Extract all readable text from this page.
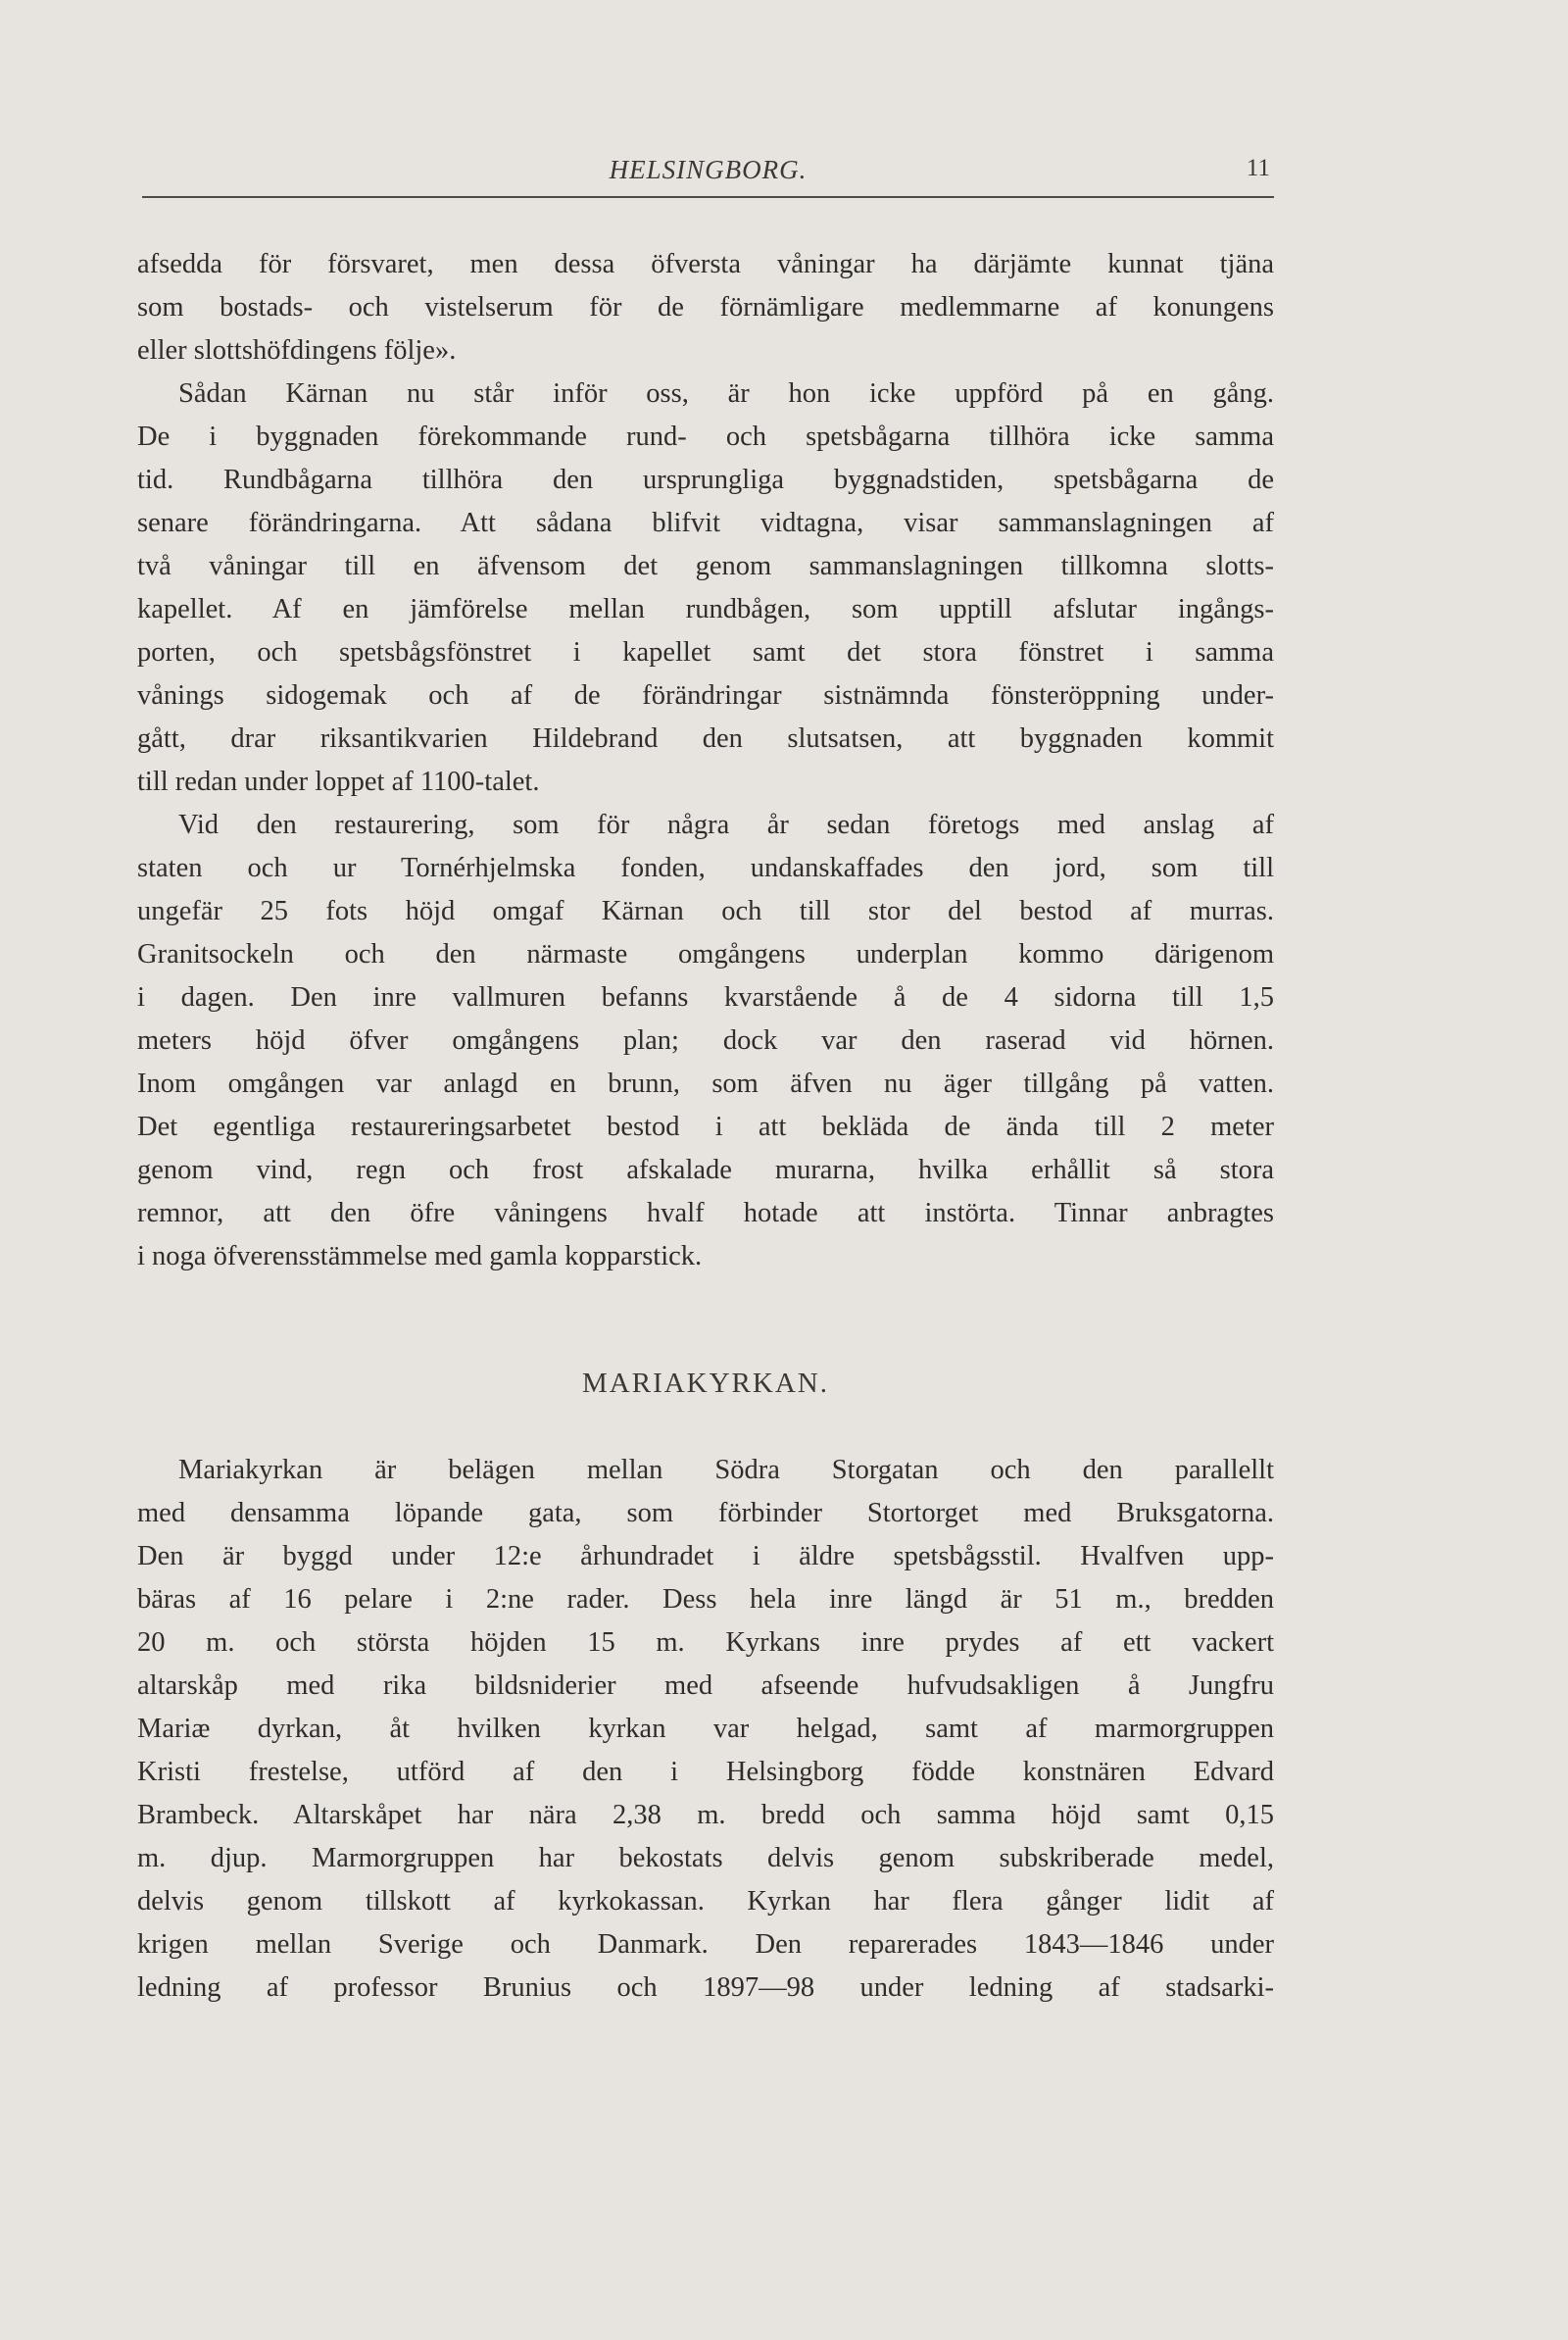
HELSINGBORG.	11
afsedda för försvaret, men dessa öfversta våningar ha därjämte kunnat tjäna
som bostads- och vistelserum för de förnämligare medlemmarne af konungens
eller slottshöfdingens följe».
Sådan Kärnan nu står inför oss, är hon icke uppförd på en gång.
De i byggnaden förekommande rund- och spetsbågarna tillhöra icke samma
tid. Rundbågarna tillhöra den ursprungliga byggnadstiden, spetsbågarna de
senare förändringarna. Att sådana blifvit vidtagna, visar sammanslagningen af
två våningar till en äfvensom det genom sammanslagningen tillkomna slotts-
kapellet. Af en jämförelse mellan rundbågen, som upptill afslutar ingångs-
porten, och spetsbågsfönstret i kapellet samt det stora fönstret i samma
vånings sidogemak och af de förändringar sistnämnda fönsteröppning under-
gått, drar riksantikvarien Hildebrand den slutsatsen, att byggnaden kommit
till redan under loppet af 1100-talet.
Vid den restaurering, som för några år sedan företogs med anslag af
staten och ur Tornérhjelmska fonden, undanskaffades den jord, som till
ungefär 25 fots höjd omgaf Kärnan och till stor del bestod af murras.
Granitsockeln och den närmaste omgångens underplan kommo därigenom
i dagen. Den inre vallmuren befanns kvarstående å de 4 sidorna till 1,5
meters höjd öfver omgångens plan; dock var den raserad vid hörnen.
Inom omgången var anlagd en brunn, som äfven nu äger tillgång på vatten.
Det egentliga restaureringsarbetet bestod i att bekläda de ända till 2 meter
genom vind, regn och frost afskalade murarna, hvilka erhållit så stora
remnor, att den öfre våningens hvalf hotade att instörta. Tinnar anbragtes
i noga öfverensstämmelse med gamla kopparstick.
MARIAKYRKAN.
Mariakyrkan är belägen mellan Södra Storgatan och den parallellt
med densamma löpande gata, som förbinder Stortorget med Bruksgatorna.
Den är byggd under 12:e århundradet i äldre spetsbågsstil. Hvalfven upp-
bäras af 16 pelare i 2:ne rader. Dess hela inre längd är 51 m., bredden
20 m. och största höjden 15 m. Kyrkans inre prydes af ett vackert
altarskåp med rika bildsniderier med afseende hufvudsakligen å Jungfru
Mariæ dyrkan, åt hvilken kyrkan var helgad, samt af marmorgruppen
Kristi frestelse, utförd af den i Helsingborg födde konstnären Edvard
Brambeck. Altarskåpet har nära 2,38 m. bredd och samma höjd samt 0,15
m. djup. Marmorgruppen har bekostats delvis genom subskriberade medel,
delvis genom tillskott af kyrkokassan. Kyrkan har flera gånger lidit af
krigen mellan Sverige och Danmark. Den reparerades 1843—1846 under
ledning af professor Brunius och 1897—98 under ledning af stadsarki-
